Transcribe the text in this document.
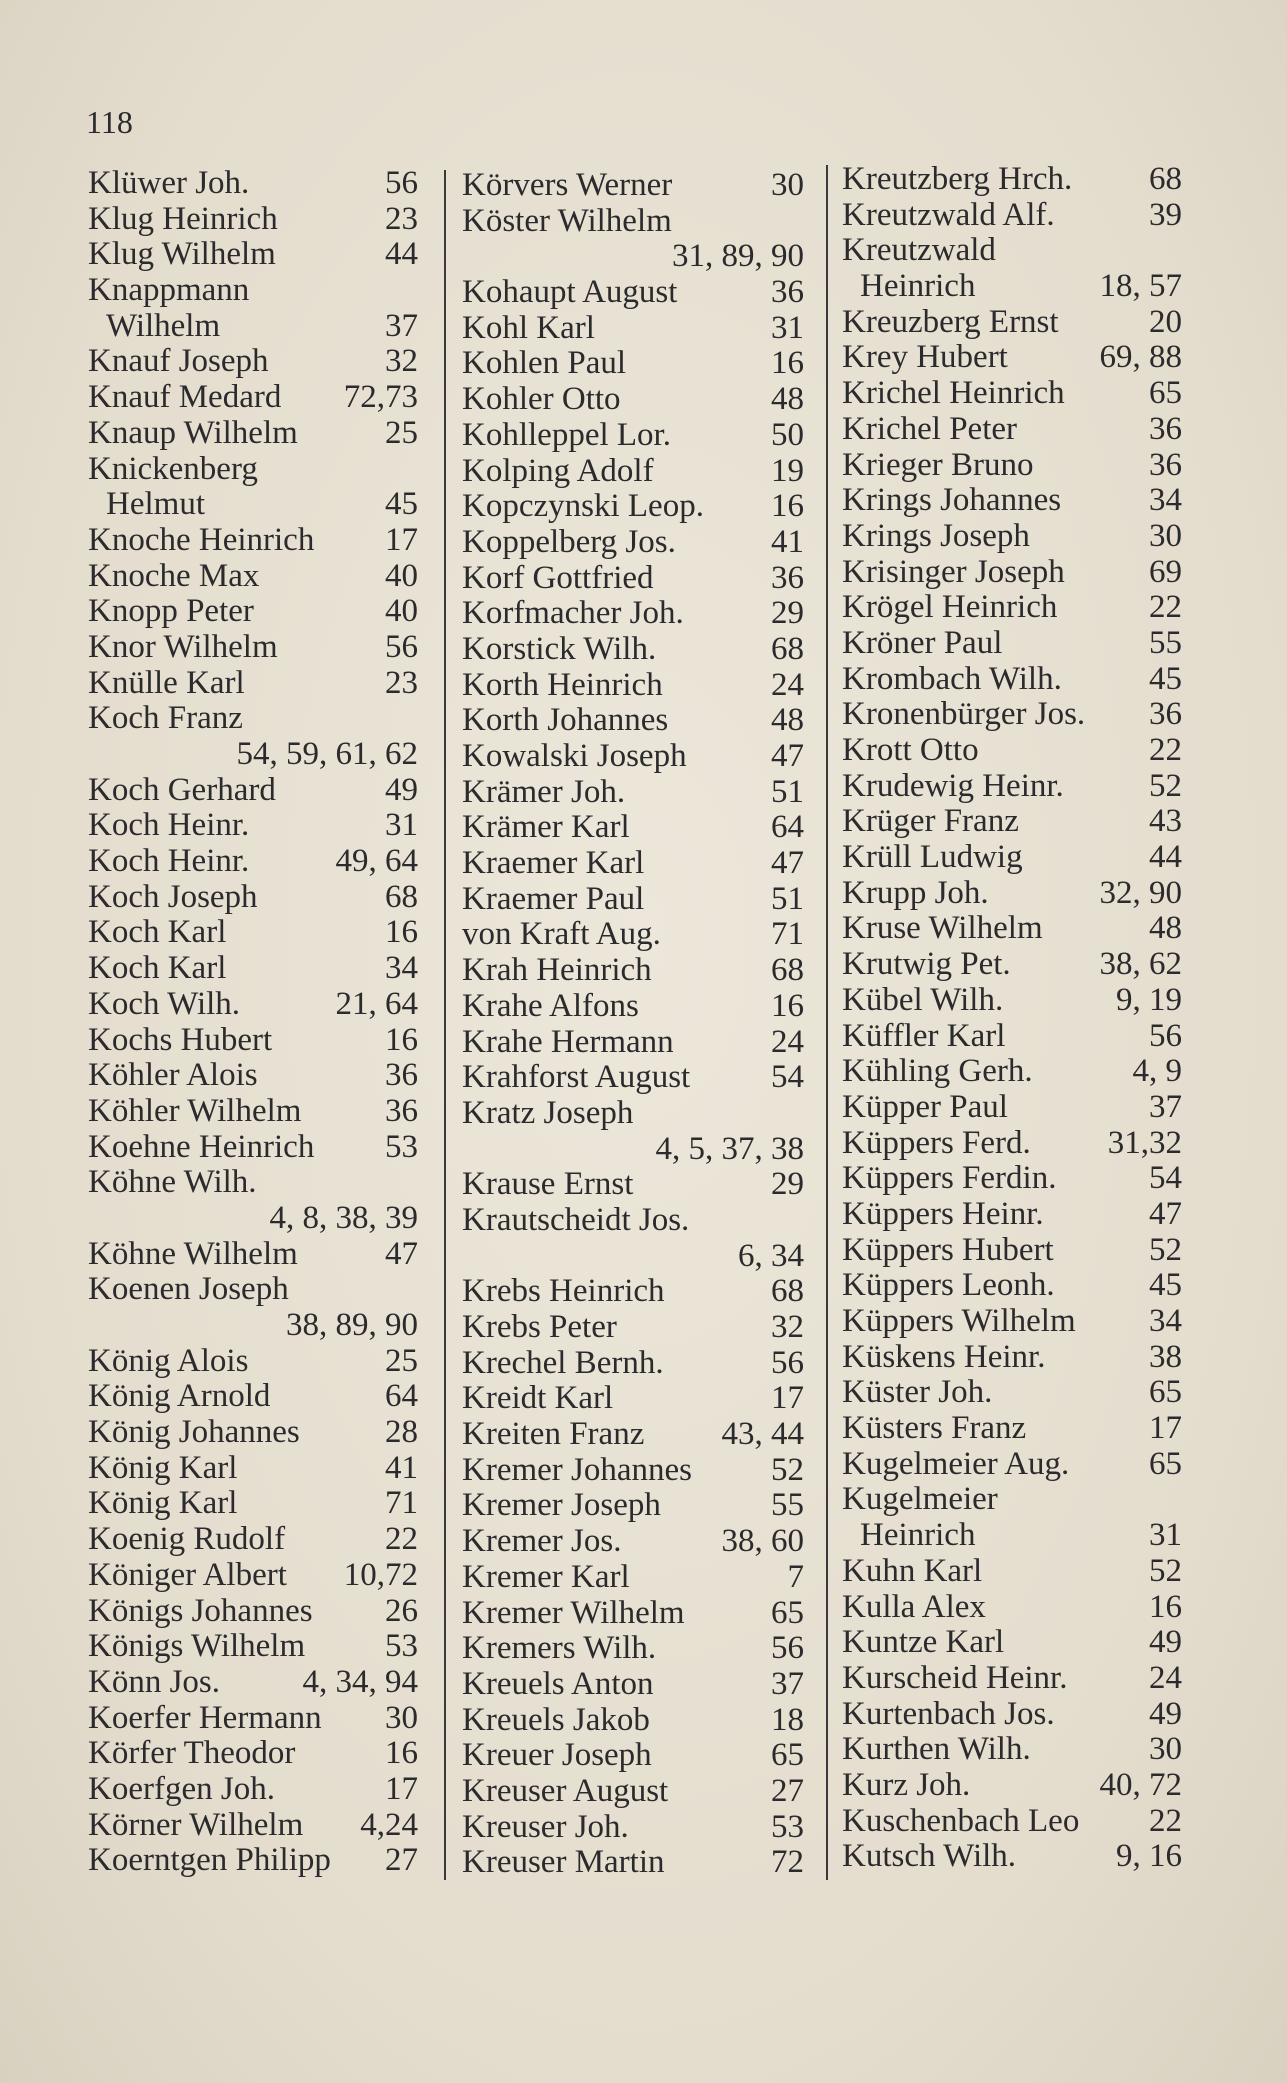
118
Klüwer Joh.	56
Klug Heinrich	23
Klug Wilhelm	44
Knappmann
Wilhelm	37
Knauf Joseph	32
Knauf Medard 72,73
Knaup Wilhelm	25
Knickenberg
Helmut	45
Knoche Heinrich 17
Knoche Max	40
Knopp Peter	40
Knor Wilhelm	56
Knülle Karl	23
Koch Franz
54, 59, 61, 62
Koch Gerhard	49
Koch Heinr.	31
Koch Heinr.	49, 64
Koch Joseph	68
Koch Karl	16
Koch Karl	34
Koch Wilh.	21, 64
Kochs Hubert	16
Köhler Alois	36
Köhler Wilhelm	36
Koehne Heinrich 53
Köhne Wilh.
4, 8, 38, 39
Köhne Wilhelm	47
Koenen Joseph
38, 89, 90
König Alois	25
König Arnold	64
König Johannes	28
König Karl	41
König Karl	71
Koenig Rudolf	22
Königer Albert 10,72
Königs Johannes 26
Königs Wilhelm 53
Könn Jos. 4, 34, 94
Koerfer Hermann 30
Körfer Theodor	16
Koerfgen Joh.	17
Körner Wilhelm 4,24
Koerntgen Philipp 27
Körvers Werner	30
Köster Wilhelm
31, 89, 90
Kohaupt August	36
Kohl Karl	31
Kohlen Paul	16
Kohler Otto	48
Kohlleppel Lor.	50
Kolping Adolf	19
Kopczynski Leop. 16
Koppelberg Jos.	41
Korf Gottfried	36
Korfmacher Joh.	29
Korstick Wilh.	68
Korth Heinrich	24
Korth Johannes	48
Kowalski Joseph	47
Krämer Joh.	51
Krämer Karl	64
Kraemer Karl	47
Kraemer Paul	51
von Kraft Aug.	71
Krah Heinrich	68
Krahe Alfons	16
Krahe Hermann	24
Krahforst August 54
Kratz Joseph
4, 5, 37, 38
Krause Ernst	29
Krautscheidt Jos.
6, 34
Krebs Heinrich	68
Krebs Peter	32
Krechel Bernh.	56
Kreidt Karl	17
Kreiten Franz 43, 44
Kremer Johannes 52
Kremer Joseph	55
Kremer Jos.	38, 60
Kremer Karl	7
Kremer Wilhelm	65
Kremers Wilh.	56
Kreuels Anton	37
Kreuels Jakob	18
Kreuer Joseph	65
Kreuser August	27
Kreuser Joh.	53
Kreuser Martin	72
Kreutzberg Hrch. 68
Kreutzwald Alf.	39
Kreutzwald
Heinrich	18, 57
Kreuzberg Ernst	20
Krey Hubert	69, 88
Krichel Heinrich	65
Krichel Peter	36
Krieger Bruno	36
Krings Johannes	34
Krings Joseph	30
Krisinger Joseph	69
Krögel Heinrich	22
Kröner Paul	55
Krombach Wilh.	45
Kronenbürger Jos. 36
Krott Otto	22
Krudewig Heinr.	52
Krüger Franz	43
Krüll Ludwig	44
Krupp Joh.	32, 90
Kruse Wilhelm	48
Krutwig Pet.	38, 62
Kübel Wilh.	9, 19
Küffler Karl	56
Kühling Gerh.	4, 9
Küpper Paul	37
Küppers Ferd. 31,32
Küppers Ferdin.	54
Küppers Heinr.	47
Küppers Hubert	52
Küppers Leonh.	45
Küppers Wilhelm 34
Küskens Heinr.	38
Küster Joh.	65
Küsters Franz	17
Kugelmeier Aug. 65
Kugelmeier
Heinrich	31
Kuhn Karl	52
Kulla Alex	16
Kuntze Karl	49
Kurscheid Heinr. 24
Kurtenbach Jos.	49
Kurthen Wilh.	30
Kurz Joh.	40, 72
Kuschenbach Leo 22
Kutsch Wilh.	9, 16
